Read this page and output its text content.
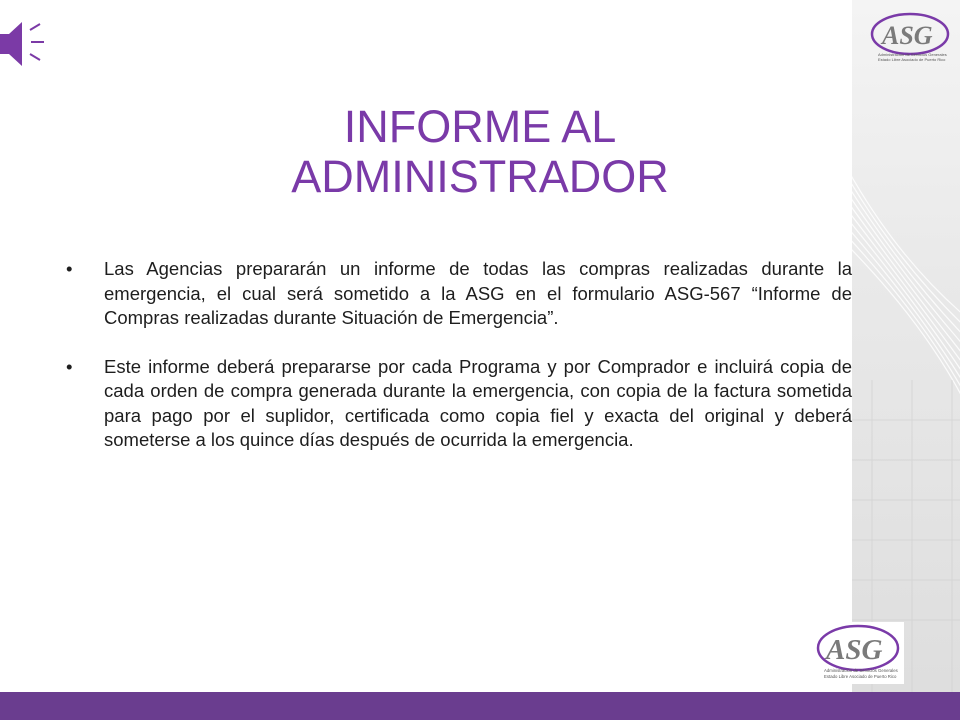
ASG
Administración de Servicios Generales
Estado Libre Asociado de Puerto Rico
INFORME AL
ADMINISTRADOR
• Las Agencias prepararán un informe de todas las compras realizadas durante la emergencia, el cual será sometido a la ASG en el formulario ASG-567 “Informe de Compras realizadas durante Situación de Emergencia”.
• Este informe deberá prepararse por cada Programa y por Comprador e incluirá copia de cada orden de compra generada durante la emergencia, con copia de la factura sometida para pago por el suplidor, certificada como copia fiel y exacta del original y deberá someterse a los quince días después de ocurrida la emergencia.
ASG
Administración de Servicios Generales
Estado Libre Asociado de Puerto Rico
